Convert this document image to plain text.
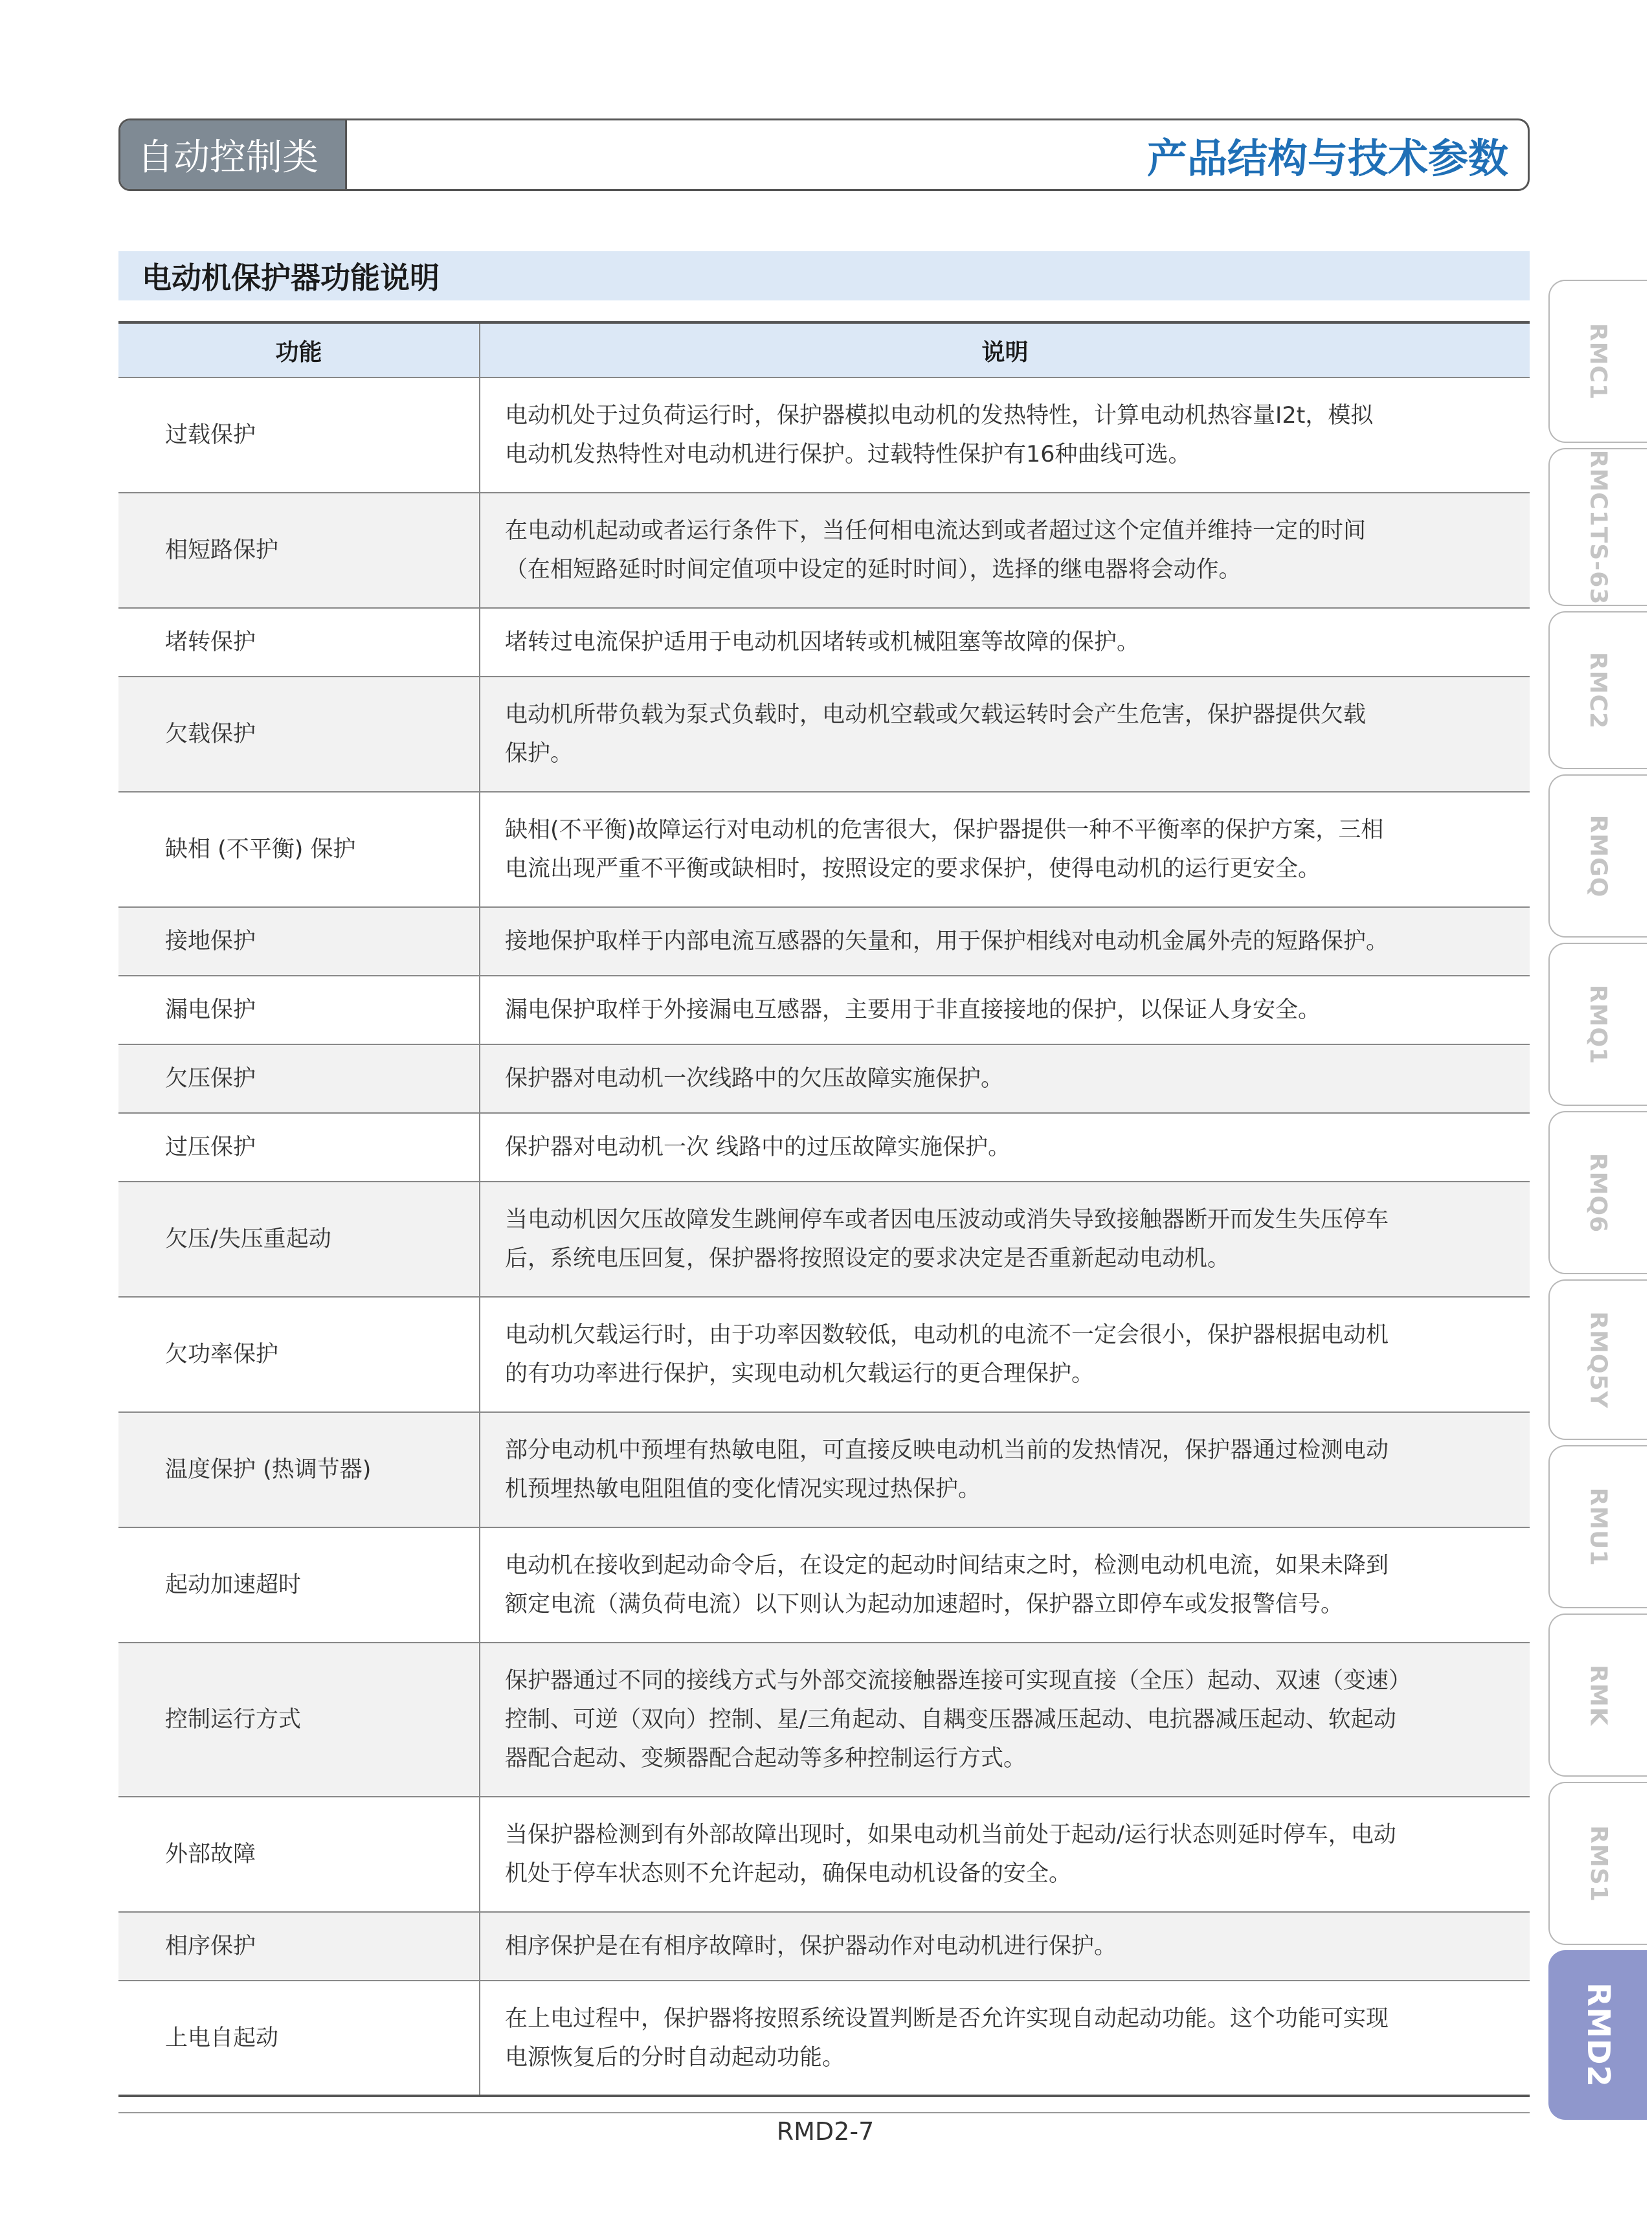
自动控制类	产品结构与技术参数
电动机保护器功能说明
功能	说明
过载保护	电动机处于过负荷运行时，保护器模拟电动机的发热特性，计算电动机热容量I2t，模拟
电动机发热特性对电动机进行保护。过载特性保护有16种曲线可选。

相短路保护	在电动机起动或者运行条件下，当任何相电流达到或者超过这个定值并维持一定的时间
（在相短路延时时间定值项中设定的延时时间），选择的继电器将会动作。

堵转保护	堵转过电流保护适用于电动机因堵转或机械阻塞等故障的保护。

欠载保护	电动机所带负载为泵式负载时，电动机空载或欠载运转时会产生危害，保护器提供欠载
保护。

缺相 (不平衡) 保护	缺相(不平衡)故障运行对电动机的危害很大，保护器提供一种不平衡率的保护方案，三相
电流出现严重不平衡或缺相时，按照设定的要求保护，使得电动机的运行更安全。

接地保护	接地保护取样于内部电流互感器的矢量和，用于保护相线对电动机金属外壳的短路保护。

漏电保护	漏电保护取样于外接漏电互感器，主要用于非直接接地的保护，以保证人身安全。

欠压保护	保护器对电动机一次线路中的欠压故障实施保护。

过压保护	保护器对电动机一次 线路中的过压故障实施保护。

欠压/失压重起动	当电动机因欠压故障发生跳闸停车或者因电压波动或消失导致接触器断开而发生失压停车
后，系统电压回复，保护器将按照设定的要求决定是否重新起动电动机。

欠功率保护	电动机欠载运行时，由于功率因数较低，电动机的电流不一定会很小，保护器根据电动机
的有功功率进行保护，实现电动机欠载运行的更合理保护。

温度保护 (热调节器)	部分电动机中预埋有热敏电阻，可直接反映电动机当前的发热情况，保护器通过检测电动
机预埋热敏电阻阻值的变化情况实现过热保护。

起动加速超时	电动机在接收到起动命令后，在设定的起动时间结束之时，检测电动机电流，如果未降到
额定电流（满负荷电流）以下则认为起动加速超时，保护器立即停车或发报警信号。

控制运行方式	保护器通过不同的接线方式与外部交流接触器连接可实现直接（全压）起动、双速（变速）
控制、可逆（双向）控制、星/三角起动、自耦变压器减压起动、电抗器减压起动、软起动
器配合起动、变频器配合起动等多种控制运行方式。

外部故障	当保护器检测到有外部故障出现时，如果电动机当前处于起动/运行状态则延时停车，电动
机处于停车状态则不允许起动，确保电动机设备的安全。

相序保护	相序保护是在有相序故障时，保护器动作对电动机进行保护。

上电自起动	在上电过程中，保护器将按照系统设置判断是否允许实现自动起动功能。这个功能可实现
电源恢复后的分时自动起动功能。
RMD2-7
RMC1
RMC1TS-63
RMC2
RMGQ
RMQ1
RMQ6
RMQ5Y
RMU1
RMK
RMS1
RMD2
